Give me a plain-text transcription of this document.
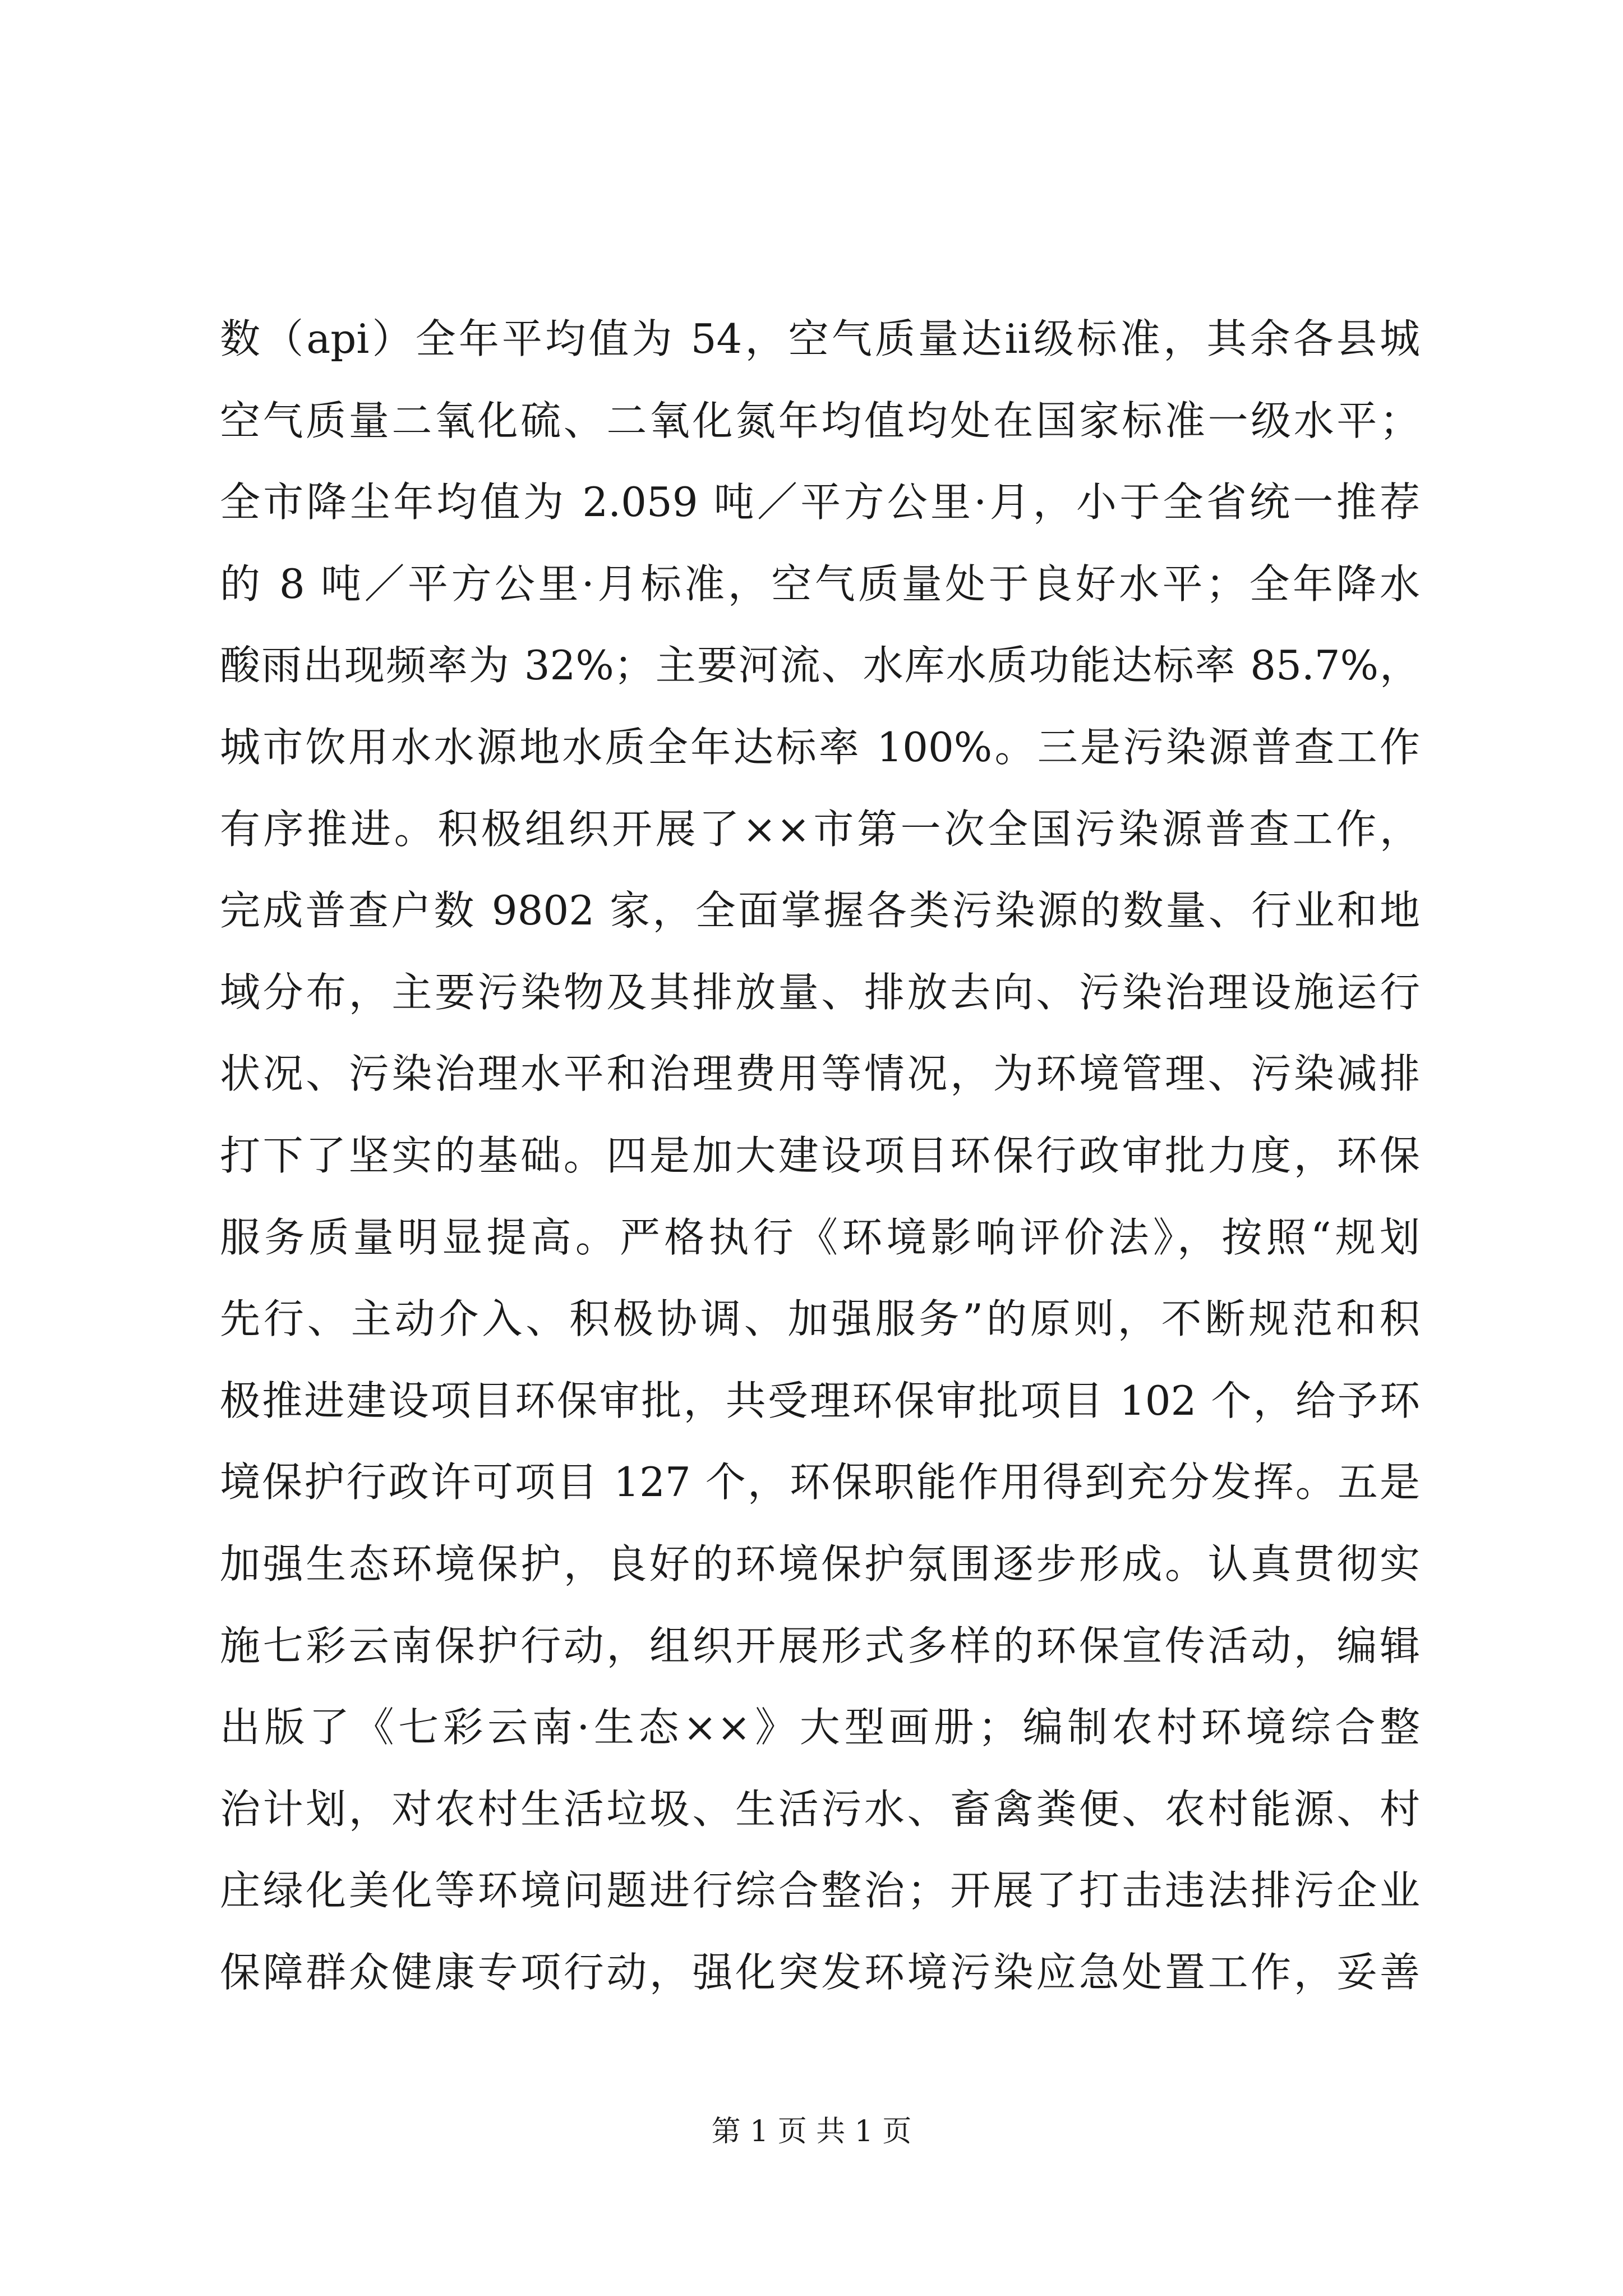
数（api）全年平均值为 54，空气质量达ii级标准，其余各县城
空气质量二氧化硫、二氧化氮年均值均处在国家标准一级水平；
全市降尘年均值为 2.059 吨／平方公里·月，小于全省统一推荐
的 8 吨／平方公里·月标准，空气质量处于良好水平；全年降水
酸雨出现频率为 32%；主要河流、水库水质功能达标率 85.7%，
城市饮用水水源地水质全年达标率 100%。三是污染源普查工作
有序推进。积极组织开展了××市第一次全国污染源普查工作，
完成普查户数 9802 家，全面掌握各类污染源的数量、行业和地
域分布，主要污染物及其排放量、排放去向、污染治理设施运行
状况、污染治理水平和治理费用等情况，为环境管理、污染减排
打下了坚实的基础。四是加大建设项目环保行政审批力度，环保
服务质量明显提高。严格执行《环境影响评价法》，按照“规划
先行、主动介入、积极协调、加强服务”的原则，不断规范和积
极推进建设项目环保审批，共受理环保审批项目 102 个，给予环
境保护行政许可项目 127 个，环保职能作用得到充分发挥。五是
加强生态环境保护，良好的环境保护氛围逐步形成。认真贯彻实
施七彩云南保护行动，组织开展形式多样的环保宣传活动，编辑
出版了《七彩云南·生态××》大型画册；编制农村环境综合整
治计划，对农村生活垃圾、生活污水、畜禽粪便、农村能源、村
庄绿化美化等环境问题进行综合整治；开展了打击违法排污企业
保障群众健康专项行动，强化突发环境污染应急处置工作，妥善
第 1 页 共 1 页
